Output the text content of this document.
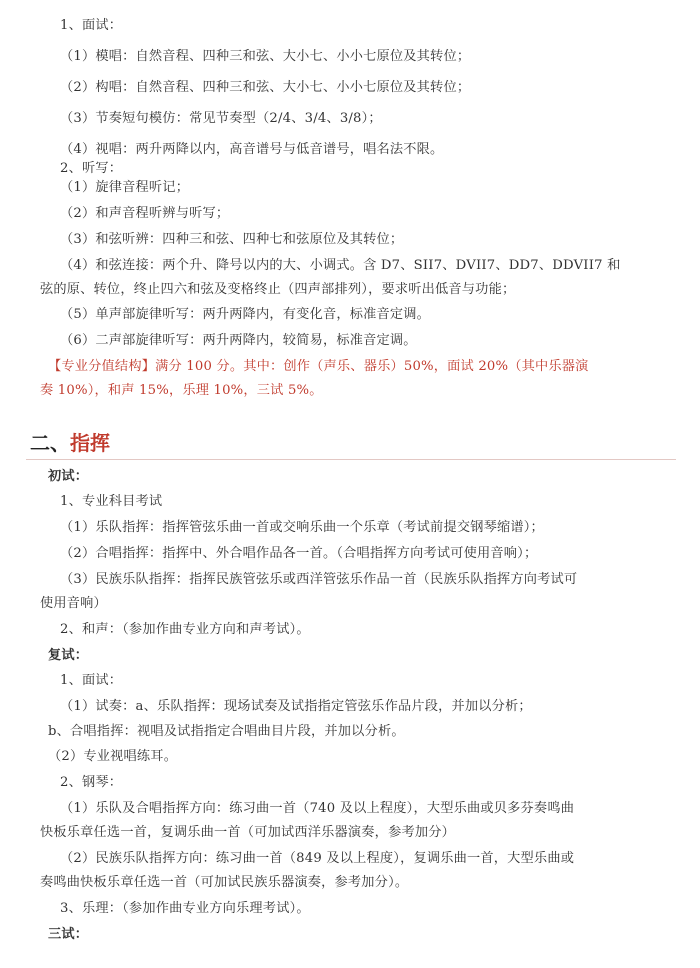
1、面试：
（1）模唱：自然音程、四种三和弦、大小七、小小七原位及其转位；
（2）构唱：自然音程、四种三和弦、大小七、小小七原位及其转位；
（3）节奏短句模仿：常见节奏型（2/4、3/4、3/8）；
（4）视唱：两升两降以内，高音谱号与低音谱号，唱名法不限。
2、听写：
（1）旋律音程听记；
（2）和声音程听辨与听写；
（3）和弦听辨：四种三和弦、四种七和弦原位及其转位；
（4）和弦连接：两个升、降号以内的大、小调式。含 D7、SII7、DVII7、DD7、DDVII7 和
弦的原、转位，终止四六和弦及变格终止（四声部排列），要求听出低音与功能；
（5）单声部旋律听写：两升两降内，有变化音，标准音定调。
（6）二声部旋律听写：两升两降内，较简易，标准音定调。
【专业分值结构】满分 100 分。其中：创作（声乐、器乐）50%，面试 20%（其中乐器演
奏 10%），和声 15%，乐理 10%，三试 5%。
二、指挥
初试：
1、专业科目考试
（1）乐队指挥：指挥管弦乐曲一首或交响乐曲一个乐章（考试前提交钢琴缩谱）；
（2）合唱指挥：指挥中、外合唱作品各一首。（合唱指挥方向考试可使用音响）；
（3）民族乐队指挥：指挥民族管弦乐或西洋管弦乐作品一首（民族乐队指挥方向考试可
使用音响）
2、和声：（参加作曲专业方向和声考试）。
复试：
1、面试：
（1）试奏：a、乐队指挥：现场试奏及试指指定管弦乐作品片段，并加以分析；
b、合唱指挥：视唱及试指指定合唱曲目片段，并加以分析。
（2）专业视唱练耳。
2、钢琴：
（1）乐队及合唱指挥方向：练习曲一首（740 及以上程度），大型乐曲或贝多芬奏鸣曲
快板乐章任选一首，复调乐曲一首（可加试西洋乐器演奏，参考加分）
（2）民族乐队指挥方向：练习曲一首（849 及以上程度），复调乐曲一首，大型乐曲或
奏鸣曲快板乐章任选一首（可加试民族乐器演奏，参考加分）。
3、乐理：（参加作曲专业方向乐理考试）。
三试：
